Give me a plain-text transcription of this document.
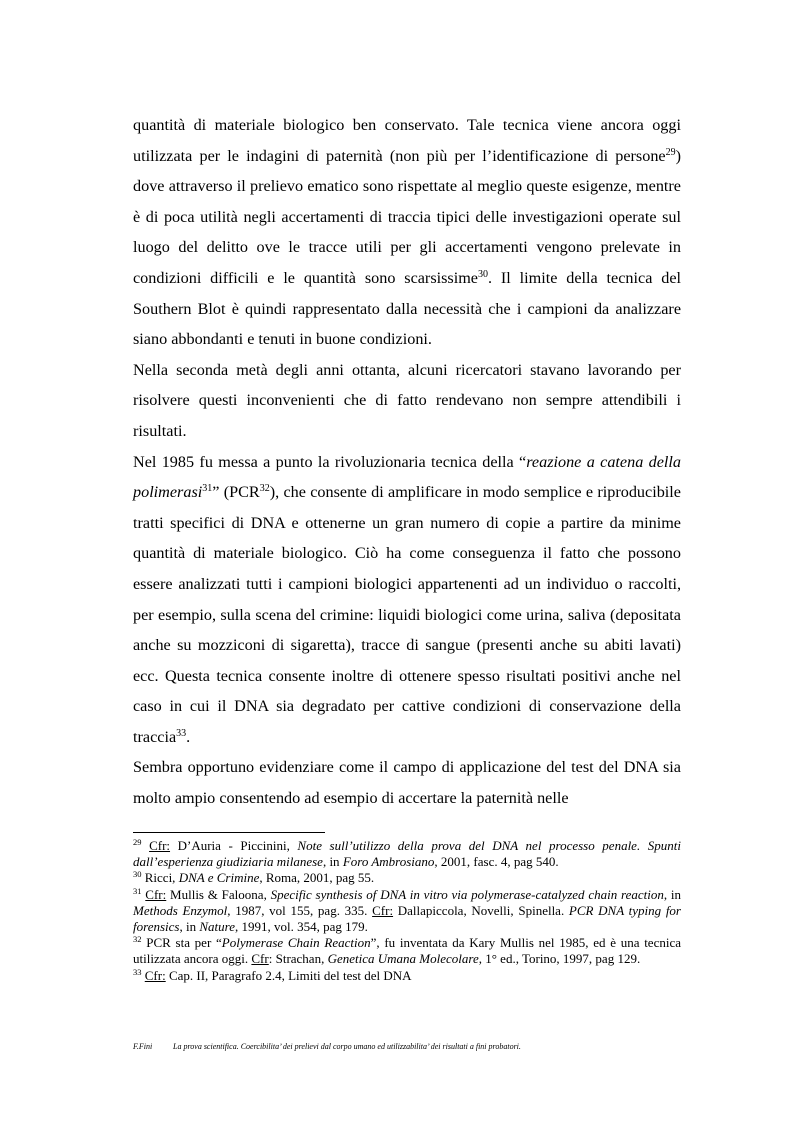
quantità di materiale biologico ben conservato. Tale tecnica viene ancora oggi utilizzata per le indagini di paternità (non più per l’identificazione di persone$^{29}$) dove attraverso il prelievo ematico sono rispettate al meglio queste esigenze, mentre è di poca utilità negli accertamenti di traccia tipici delle investigazioni operate sul luogo del delitto ove le tracce utili per gli accertamenti vengono prelevate in condizioni difficili e le quantità sono scarsissime$^{30}$. Il limite della tecnica del Southern Blot è quindi rappresentato dalla necessità che i campioni da analizzare siano abbondanti e tenuti in buone condizioni.

Nella seconda metà degli anni ottanta, alcuni ricercatori stavano lavorando per risolvere questi inconvenienti che di fatto rendevano non sempre attendibili i risultati.

Nel 1985 fu messa a punto la rivoluzionaria tecnica della “reazione a catena della polimerasi$^{31}$” (PCR$^{32}$), che consente di amplificare in modo semplice e riproducibile tratti specifici di DNA e ottenerne un gran numero di copie a partire da minime quantità di materiale biologico. Ciò ha come conseguenza il fatto che possono essere analizzati tutti i campioni biologici appartenenti ad un individuo o raccolti, per esempio, sulla scena del crimine: liquidi biologici come urina, saliva (depositata anche su mozziconi di sigaretta), tracce di sangue (presenti anche su abiti lavati) ecc. Questa tecnica consente inoltre di ottenere spesso risultati positivi anche nel caso in cui il DNA sia degradato per cattive condizioni di conservazione della traccia$^{33}$.

Sembra opportuno evidenziare come il campo di applicazione del test del DNA sia molto ampio consentendo ad esempio di accertare la paternità nelle

$^{29}$ Cfr: D’Auria - Piccinini, Note sull’utilizzo della prova del DNA nel processo penale. Spunti dall’esperienza giudiziaria milanese, in Foro Ambrosiano, 2001, fasc. 4, pag 540.

$^{30}$ Ricci, DNA e Crimine, Roma, 2001, pag 55.

$^{31}$ Cfr: Mullis & Faloona, Specific synthesis of DNA in vitro via polymerase-catalyzed chain reaction, in Methods Enzymol, 1987, vol 155, pag. 335. Cfr: Dallapiccola, Novelli, Spinella. PCR DNA typing for forensics, in Nature, 1991, vol. 354, pag 179.

$^{32}$ PCR sta per “Polymerase Chain Reaction”, fu inventata da Kary Mullis nel 1985, ed è una tecnica utilizzata ancora oggi. Cfr: Strachan, Genetica Umana Molecolare, 1° ed., Torino, 1997, pag 129.

$^{33}$ Cfr: Cap. II, Paragrafo 2.4, Limiti del test del DNA

F.Fini	La prova scientifica. Coercibilita’ dei prelievi dal corpo umano ed utilizzabilita’ dei risultati a fini probatori.
